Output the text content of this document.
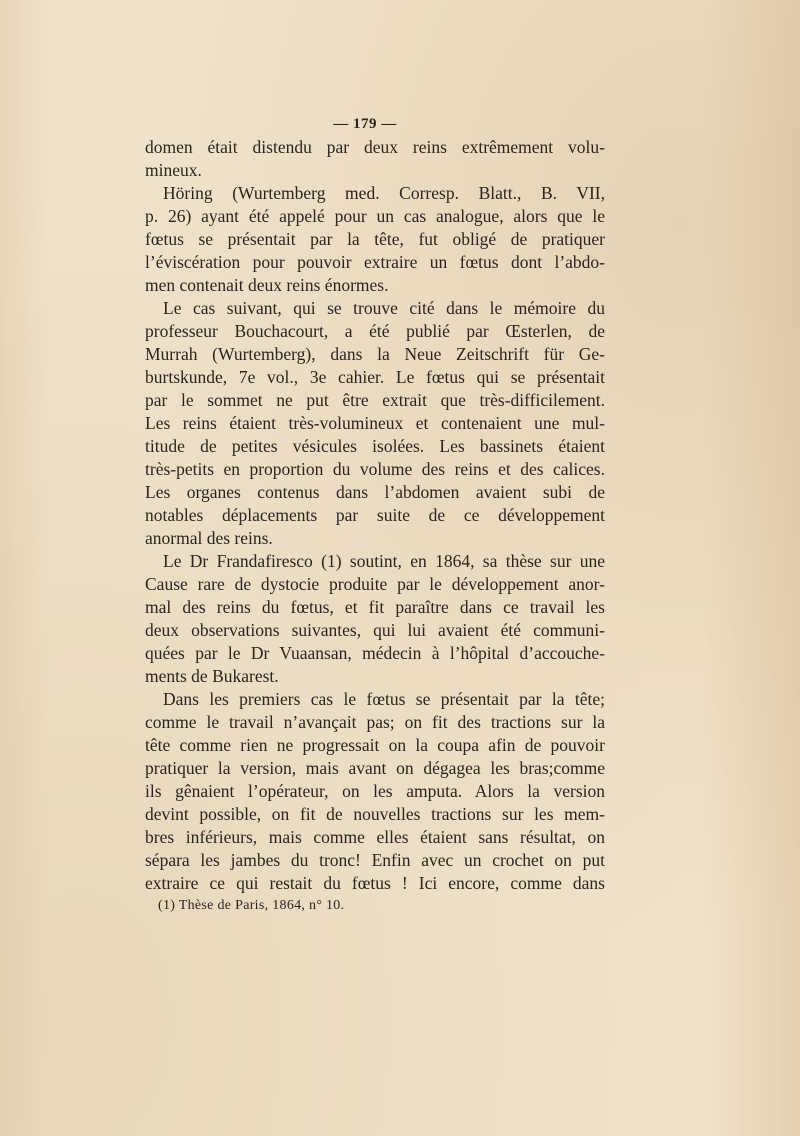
— 179 —
domen était distendu par deux reins extrêmement volu-
mineux.
Höring (Wurtemberg med. Corresp. Blatt., B. VII,
p. 26) ayant été appelé pour un cas analogue, alors que le
fœtus se présentait par la tête, fut obligé de pratiquer
l’éviscération pour pouvoir extraire un fœtus dont l’abdo-
men contenait deux reins énormes.
Le cas suivant, qui se trouve cité dans le mémoire du
professeur Bouchacourt, a été publié par Œsterlen, de
Murrah (Wurtemberg), dans la Neue Zeitschrift für Ge-
burtskunde, 7e vol., 3e cahier. Le fœtus qui se présentait
par le sommet ne put être extrait que très-difficilement.
Les reins étaient très-volumineux et contenaient une mul-
titude de petites vésicules isolées. Les bassinets étaient
très-petits en proportion du volume des reins et des calices.
Les organes contenus dans l’abdomen avaient subi de
notables déplacements par suite de ce développement
anormal des reins.
Le Dr Frandafiresco (1) soutint, en 1864, sa thèse sur une
Cause rare de dystocie produite par le développement anor-
mal des reins du fœtus, et fit paraître dans ce travail les
deux observations suivantes, qui lui avaient été communi-
quées par le Dr Vuaansan, médecin à l’hôpital d’accouche-
ments de Bukarest.
Dans les premiers cas le fœtus se présentait par la tête;
comme le travail n’avançait pas; on fit des tractions sur la
tête comme rien ne progressait on la coupa afin de pouvoir
pratiquer la version, mais avant on dégagea les bras;comme
ils gênaient l’opérateur, on les amputa. Alors la version
devint possible, on fit de nouvelles tractions sur les mem-
bres inférieurs, mais comme elles étaient sans résultat, on
sépara les jambes du tronc! Enfin avec un crochet on put
extraire ce qui restait du fœtus ! Ici encore, comme dans
(1) Thèse de Paris, 1864, n° 10.
